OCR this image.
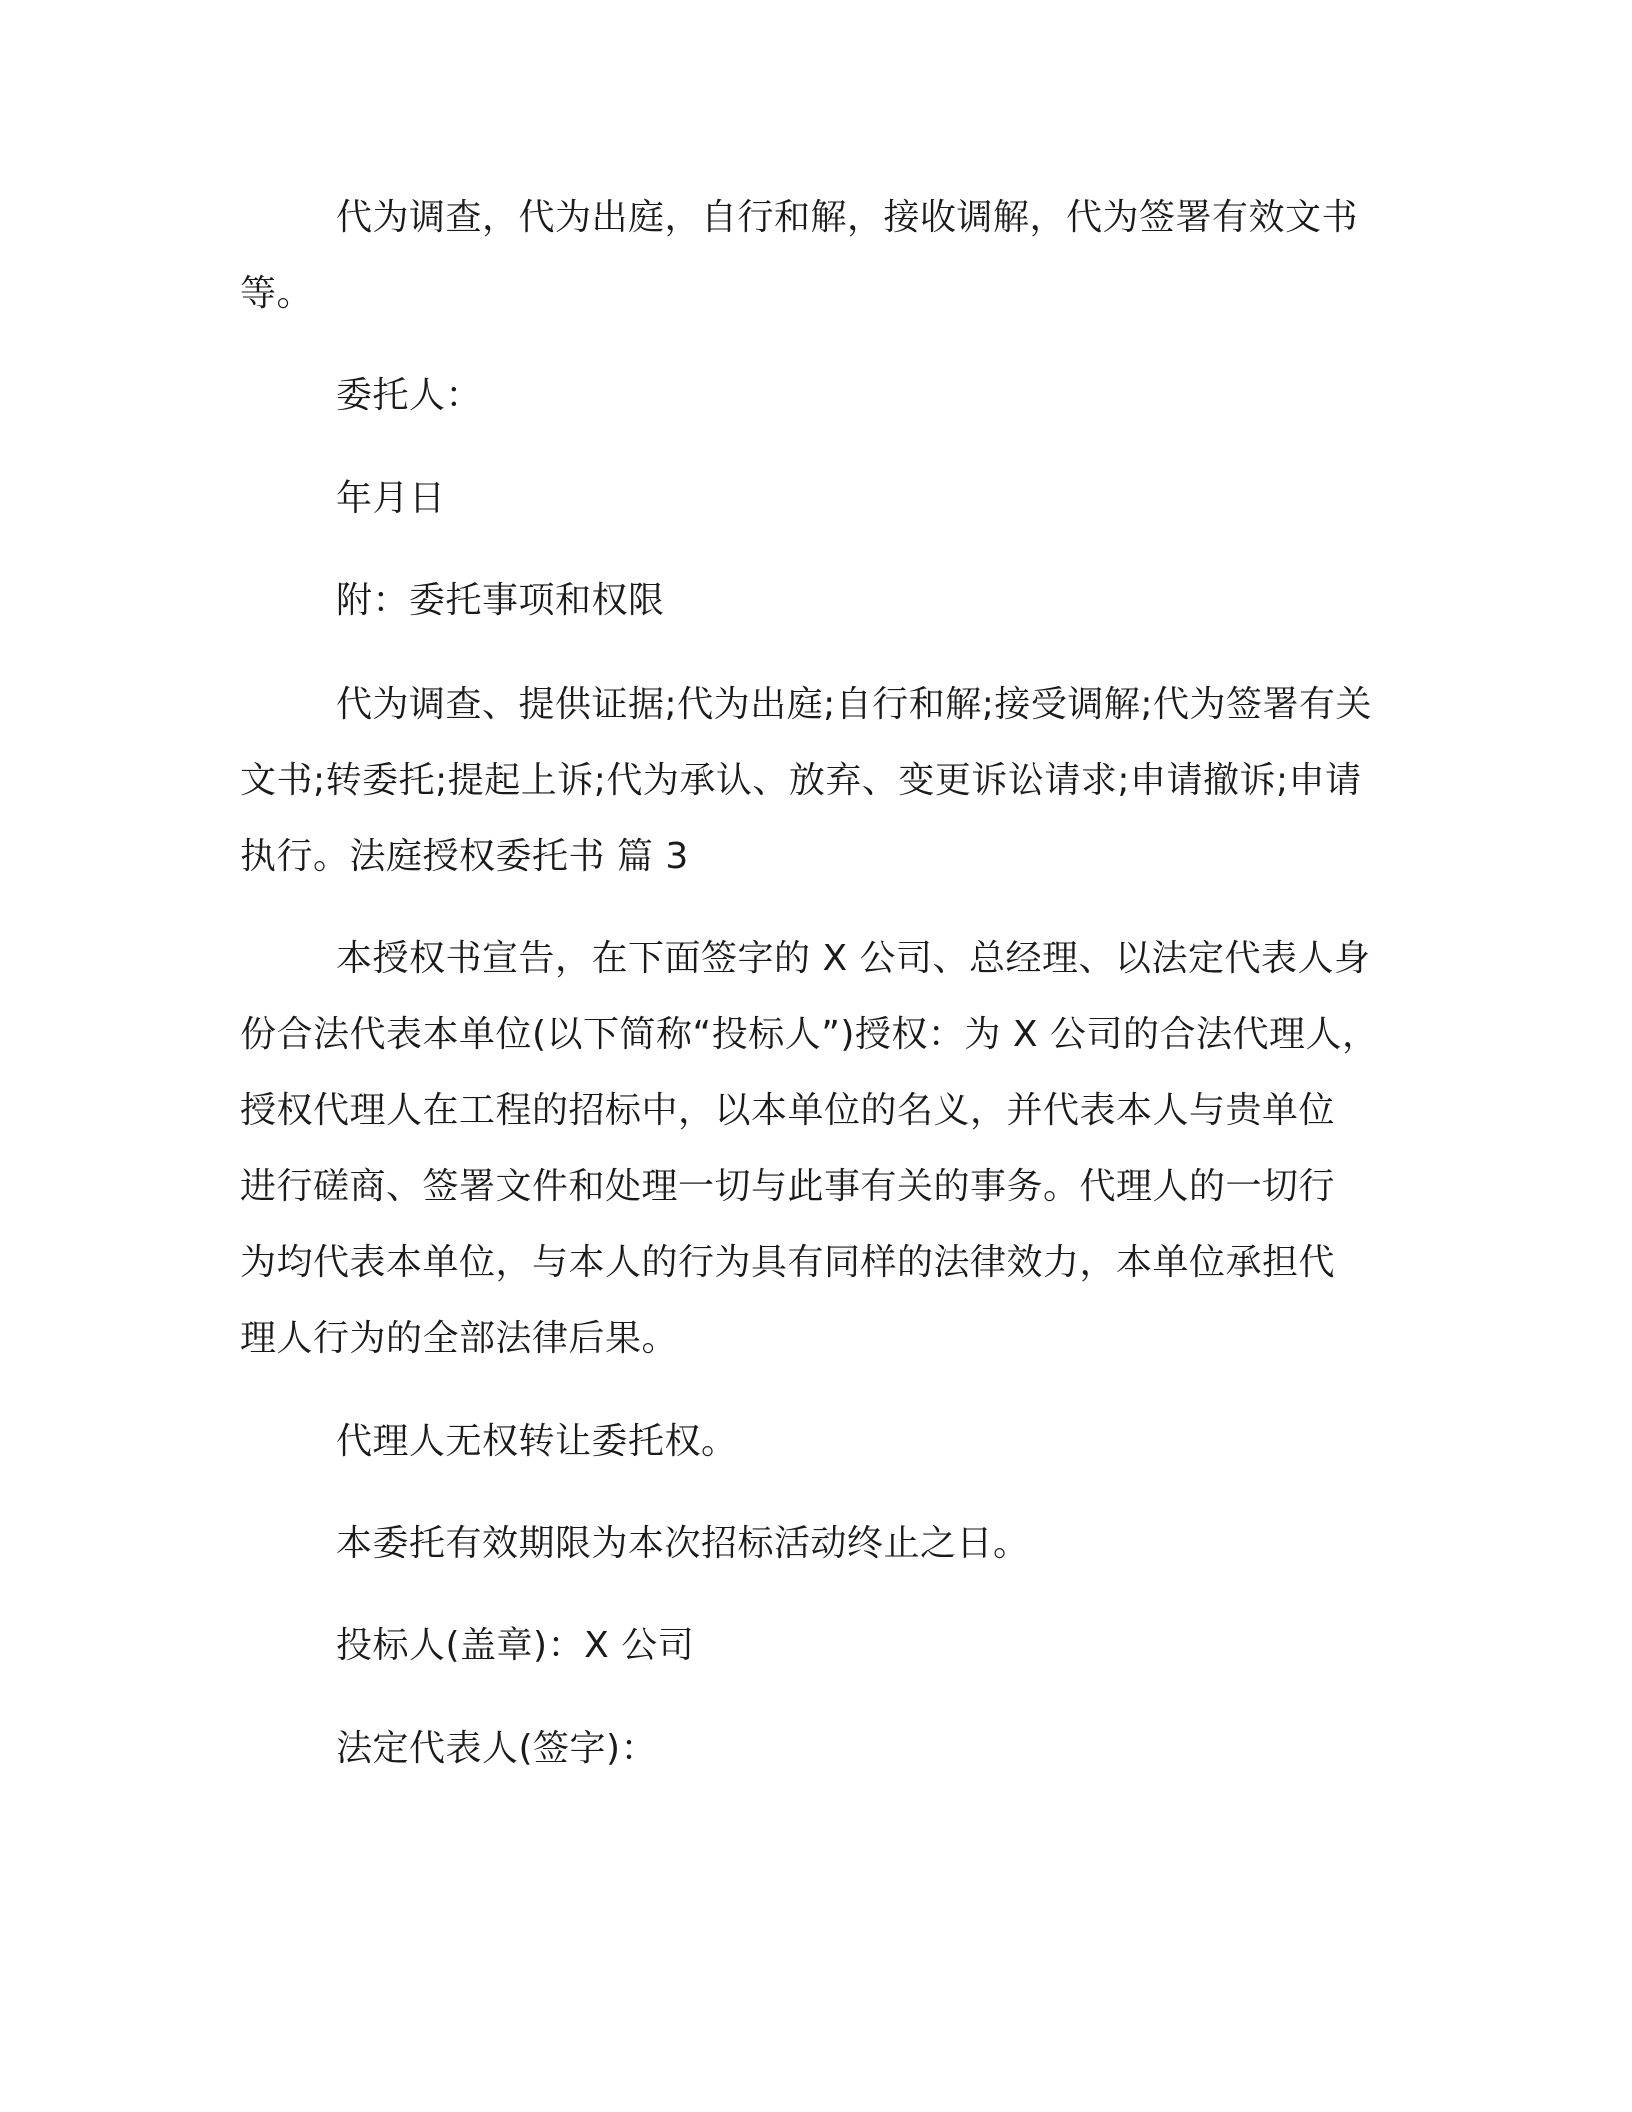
代为调查，代为出庭，自行和解，接收调解，代为签署有效文书
等。
委托人：
年月日
附：委托事项和权限
代为调查、提供证据;代为出庭;自行和解;接受调解;代为签署有关
文书;转委托;提起上诉;代为承认、放弃、变更诉讼请求;申请撤诉;申请
执行。法庭授权委托书 篇 3
本授权书宣告，在下面签字的 X 公司、总经理、以法定代表人身
份合法代表本单位(以下简称“投标人”)授权：为 X 公司的合法代理人，
授权代理人在工程的招标中，以本单位的名义，并代表本人与贵单位
进行磋商、签署文件和处理一切与此事有关的事务。代理人的一切行
为均代表本单位，与本人的行为具有同样的法律效力，本单位承担代
理人行为的全部法律后果。
代理人无权转让委托权。
本委托有效期限为本次招标活动终止之日。
投标人(盖章)：X 公司
法定代表人(签字)：
